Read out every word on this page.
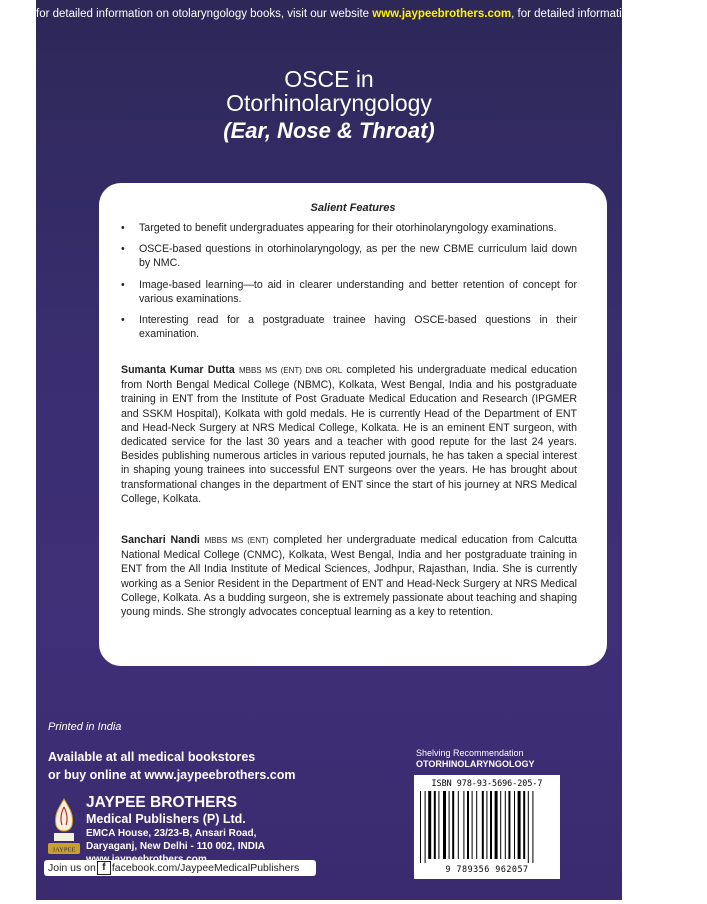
for detailed information on otolaryngology books, visit our website www.jaypeebrothers.com, for detailed information on otolaryngo
OSCE in
Otorhinolaryngology
(Ear, Nose & Throat)
Salient Features
• Targeted to benefit undergraduates appearing for their otorhinolaryngology examinations.
• OSCE-based questions in otorhinolaryngology, as per the new CBME curriculum laid down by NMC.
• Image-based learning—to aid in clearer understanding and better retention of concept for various examinations.
• Interesting read for a postgraduate trainee having OSCE-based questions in their examination.

Sumanta Kumar Dutta MBBS MS (ENT) DNB ORL completed his undergraduate medical education from North Bengal Medical College (NBMC), Kolkata, West Bengal, India and his postgraduate training in ENT from the Institute of Post Graduate Medical Education and Research (IPGMER and SSKM Hospital), Kolkata with gold medals. He is currently Head of the Department of ENT and Head-Neck Surgery at NRS Medical College, Kolkata. He is an eminent ENT surgeon, with dedicated service for the last 30 years and a teacher with good repute for the last 24 years. Besides publishing numerous articles in various reputed journals, he has taken a special interest in shaping young trainees into successful ENT surgeons over the years. He has brought about transformational changes in the department of ENT since the start of his journey at NRS Medical College, Kolkata.

Sanchari Nandi MBBS MS (ENT) completed her undergraduate medical education from Calcutta National Medical College (CNMC), Kolkata, West Bengal, India and her postgraduate training in ENT from the All India Institute of Medical Sciences, Jodhpur, Rajasthan, India. She is currently working as a Senior Resident in the Department of ENT and Head-Neck Surgery at NRS Medical College, Kolkata. As a budding surgeon, she is extremely passionate about teaching and shaping young minds. She strongly advocates conceptual learning as a key to retention.

Printed in India
Available at all medical bookstores
or buy online at www.jaypeebrothers.com
JAYPEE
JAYPEE BROTHERS
Medical Publishers (P) Ltd.
EMCA House, 23/23-B, Ansari Road,
Daryaganj, New Delhi - 110 002, INDIA
Join us on f facebook.com/JaypeeMedicalPublishers
Shelving Recommendation
OTORHINOLARYNGOLOGY
ISBN 978-93-5696-205-7
9 789356 962057
